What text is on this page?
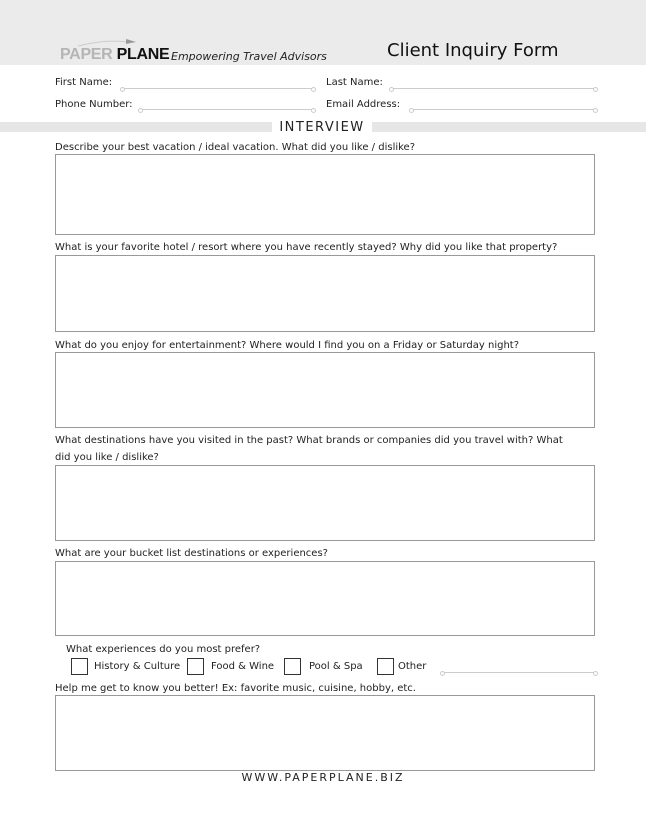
PAPER PLANE Empowering Travel Advisors	Client Inquiry Form
First Name:	Last Name:
Phone Number:	Email Address:
INTERVIEW
Describe your best vacation / ideal vacation. What did you like / dislike?
What is your favorite hotel / resort where you have recently stayed? Why did you like that property?
What do you enjoy for entertainment? Where would I find you on a Friday or Saturday night?
What destinations have you visited in the past? What brands or companies did you travel with? What
did you like / dislike?
What are your bucket list destinations or experiences?
What experiences do you most prefer?
History & Culture	Food & Wine	Pool & Spa	Other
Help me get to know you better! Ex: favorite music, cuisine, hobby, etc.
WWW.PAPERPLANE.BIZ
